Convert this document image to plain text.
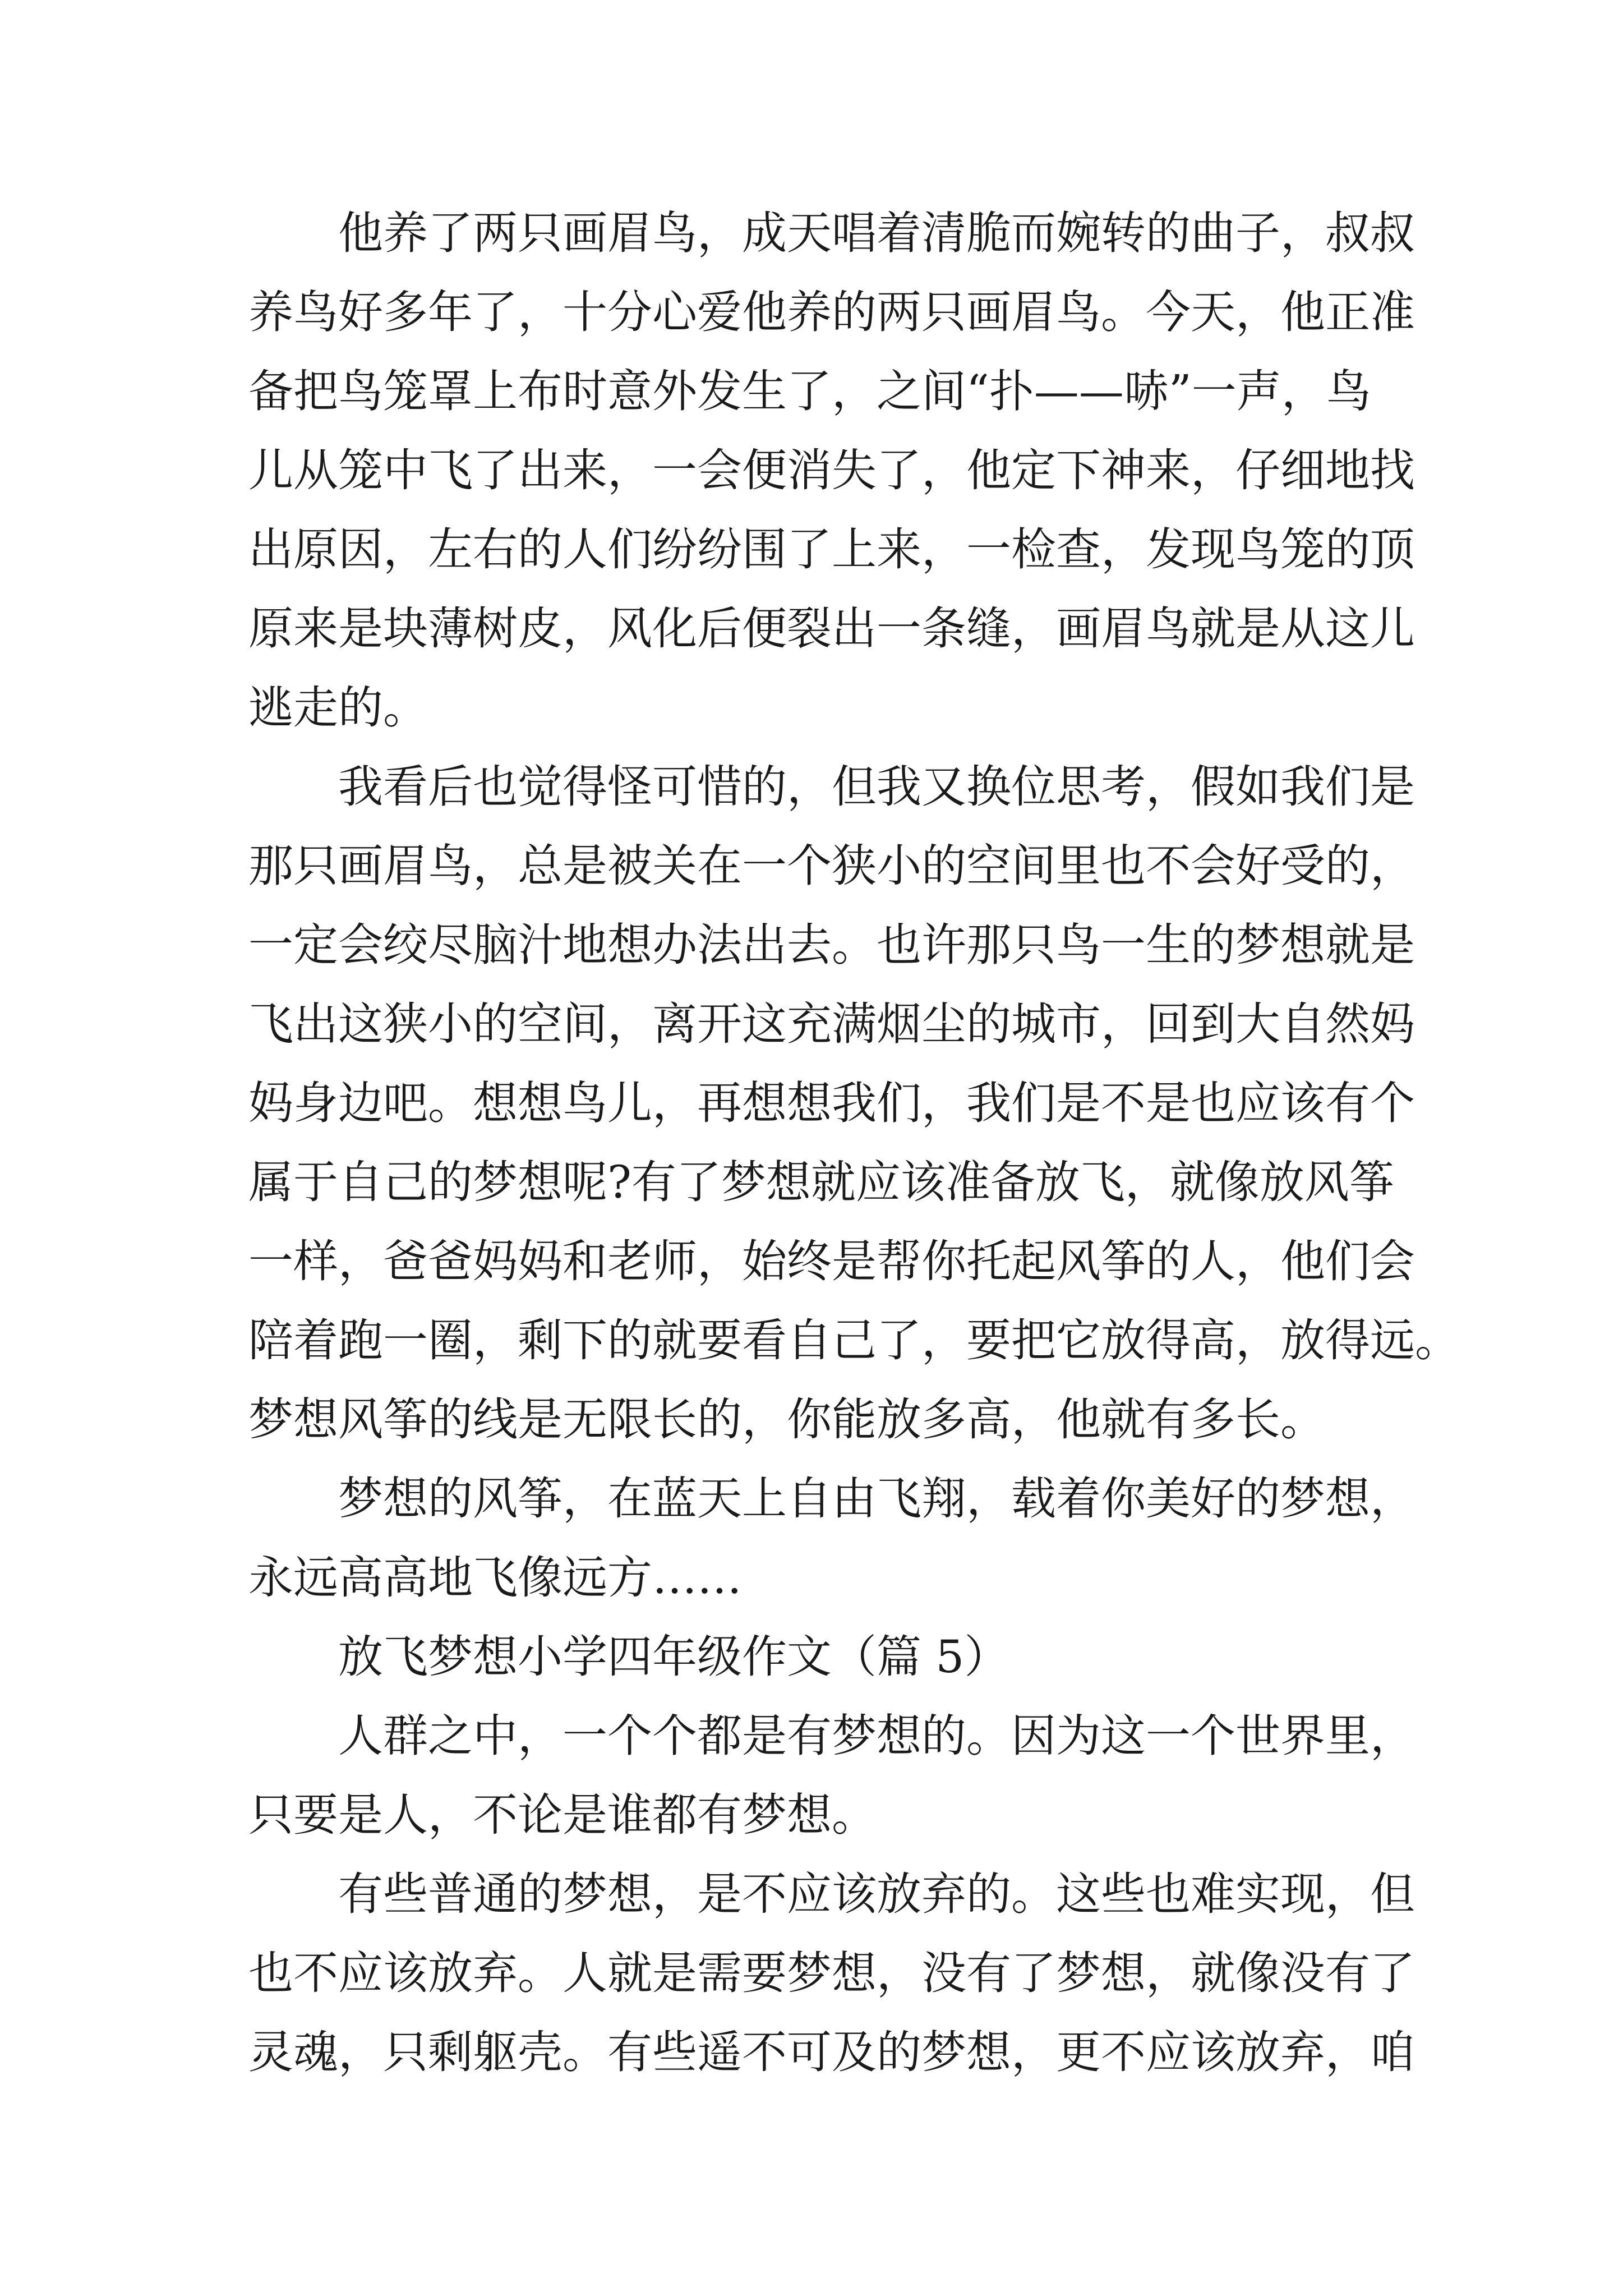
他养了两只画眉鸟，成天唱着清脆而婉转的曲子，叔叔
养鸟好多年了，十分心爱他养的两只画眉鸟。今天，他正准
备把鸟笼罩上布时意外发生了，之间“扑——哧”一声，鸟
儿从笼中飞了出来，一会便消失了，他定下神来，仔细地找
出原因，左右的人们纷纷围了上来，一检查，发现鸟笼的顶
原来是块薄树皮，风化后便裂出一条缝，画眉鸟就是从这儿
逃走的。
我看后也觉得怪可惜的，但我又换位思考，假如我们是
那只画眉鸟，总是被关在一个狭小的空间里也不会好受的，
一定会绞尽脑汁地想办法出去。也许那只鸟一生的梦想就是
飞出这狭小的空间，离开这充满烟尘的城市，回到大自然妈
妈身边吧。想想鸟儿，再想想我们，我们是不是也应该有个
属于自己的梦想呢?有了梦想就应该准备放飞，就像放风筝
一样，爸爸妈妈和老师，始终是帮你托起风筝的人，他们会
陪着跑一圈，剩下的就要看自己了，要把它放得高，放得远。
梦想风筝的线是无限长的，你能放多高，他就有多长。
梦想的风筝，在蓝天上自由飞翔，载着你美好的梦想，
永远高高地飞像远方……
放飞梦想小学四年级作文（篇 5）
人群之中，一个个都是有梦想的。因为这一个世界里，
只要是人，不论是谁都有梦想。
有些普通的梦想，是不应该放弃的。这些也难实现，但
也不应该放弃。人就是需要梦想，没有了梦想，就像没有了
灵魂，只剩躯壳。有些遥不可及的梦想，更不应该放弃，咱
